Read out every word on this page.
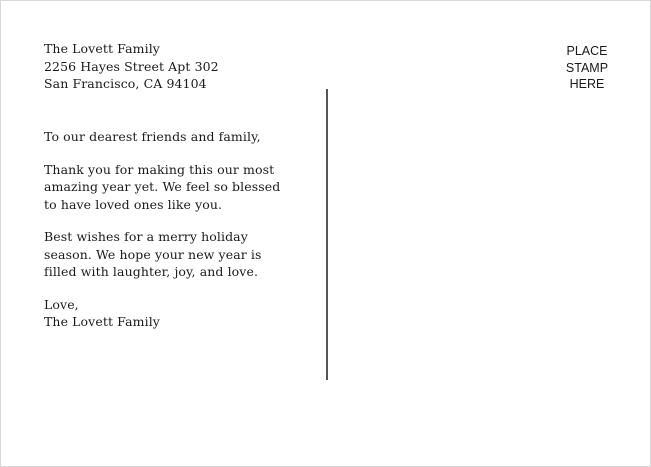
The Lovett Family
2256 Hayes Street Apt 302
San Francisco, CA 94104

To our dearest friends and family,

Thank you for making this our most
amazing year yet. We feel so blessed
to have loved ones like you.

Best wishes for a merry holiday
season. We hope your new year is
filled with laughter, joy, and love.

Love,
The Lovett Family

PLACE
STAMP
HERE
